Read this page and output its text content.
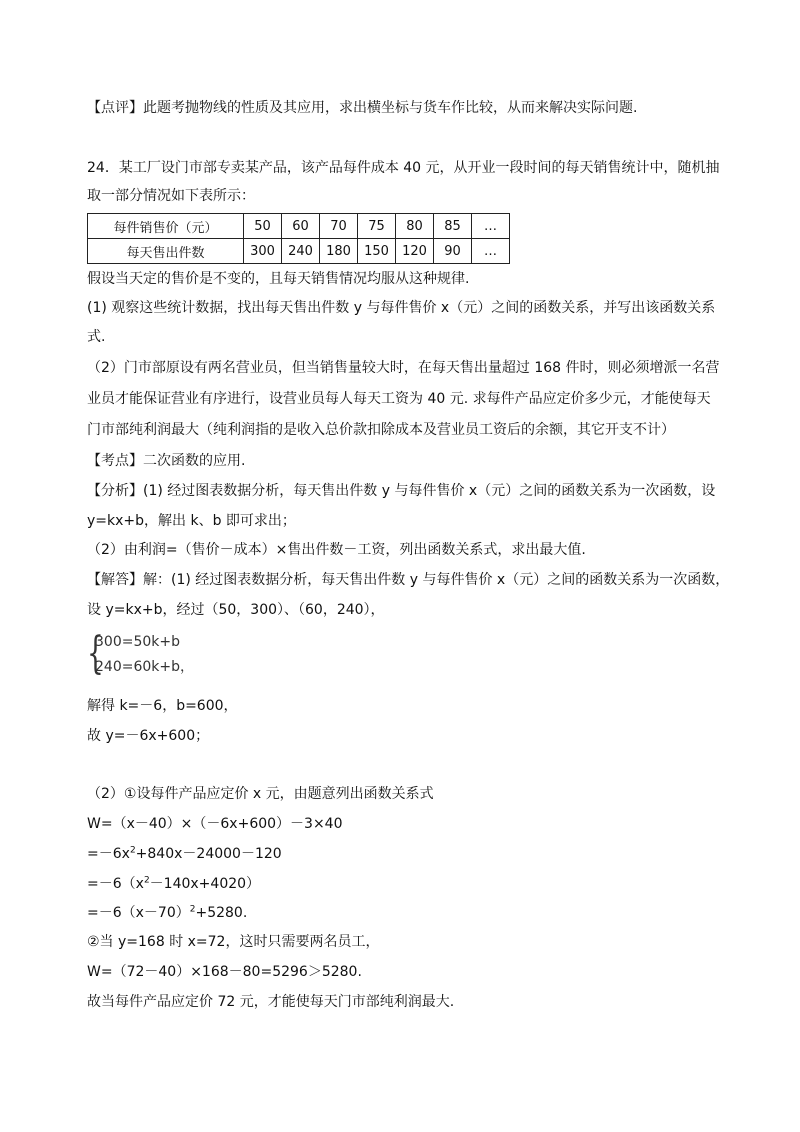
【点评】此题考抛物线的性质及其应用，求出横坐标与货车作比较，从而来解决实际问题.
24．某工厂设门市部专卖某产品，该产品每件成本 40 元，从开业一段时间的每天销售统计中，随机抽
取一部分情况如下表所示：
每件销售价（元）	50	60	70	75	80	85	…
每天售出件数	300	240	180	150	120	90	…
假设当天定的售价是不变的，且每天销售情况均服从这种规律.
(1) 观察这些统计数据，找出每天售出件数 y 与每件售价 x（元）之间的函数关系，并写出该函数关系
式.
（2）门市部原设有两名营业员，但当销售量较大时，在每天售出量超过 168 件时，则必须增派一名营
业员才能保证营业有序进行，设营业员每人每天工资为 40 元. 求每件产品应定价多少元，才能使每天
门市部纯利润最大（纯利润指的是收入总价款扣除成本及营业员工资后的余额，其它开支不计）
【考点】二次函数的应用.
【分析】(1) 经过图表数据分析，每天售出件数 y 与每件售价 x（元）之间的函数关系为一次函数，设
y=kx+b，解出 k、b 即可求出；
（2）由利润=（售价－成本）×售出件数－工资，列出函数关系式，求出最大值.
【解答】解：(1) 经过图表数据分析，每天售出件数 y 与每件售价 x（元）之间的函数关系为一次函数，
设 y=kx+b，经过（50，300）、（60，240），
{
300=50k+b
240=60k+b，
解得 k=－6，b=600，
故 y=－6x+600；
（2）①设每件产品应定价 x 元，由题意列出函数关系式
W=（x－40）×（－6x+600）－3×40
$=-6x^2+840x-24000-120$
$=-6(x^2-140x+4020)$
$=-6(x-70)^2+5280$.
②当 y=168 时 x=72，这时只需要两名员工，
W=（72－40）×168－80=5296＞5280.
故当每件产品应定价 72 元，才能使每天门市部纯利润最大.
